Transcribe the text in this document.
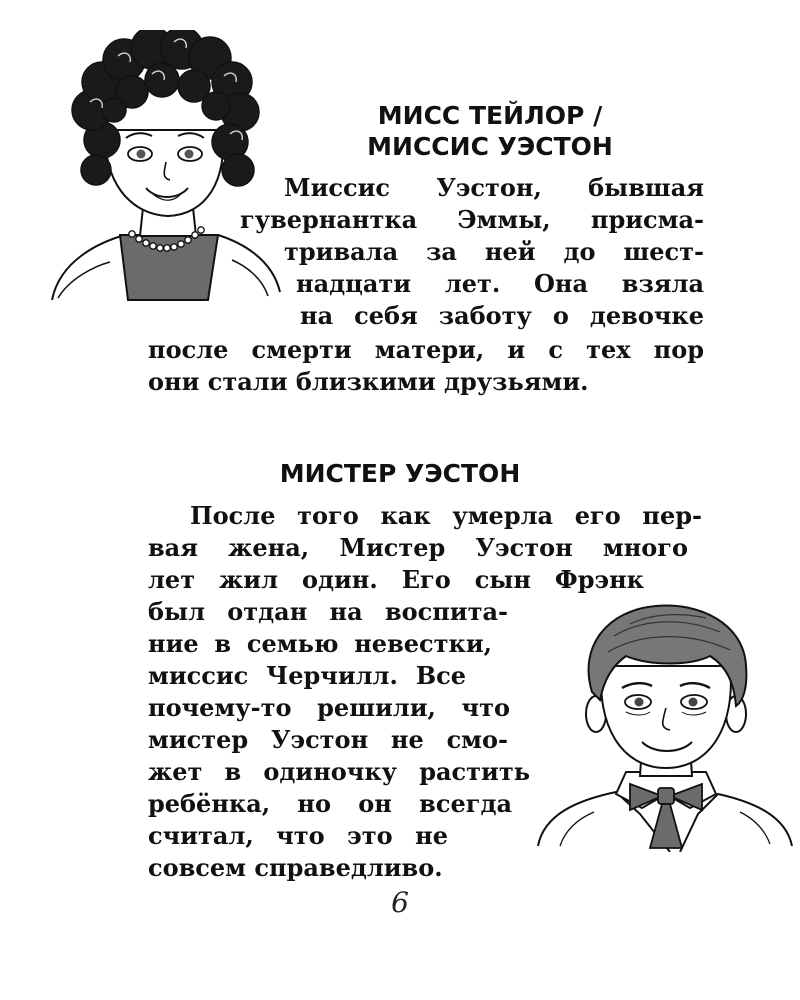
МИСС ТЕЙЛОР /
МИССИС УЭСТОН

Миссис Уэстон, бывшая

гувернантка Эммы, присма-

тривала за ней до шест-

надцати лет. Она взяла

на себя заботу о девочке

после смерти матери, и с тех пор

они стали близкими друзьями.

МИСТЕР УЭСТОН

После того как умерла его пер-

вая жена, Мистер Уэстон много

лет жил один. Его сын Фрэнк

был отдан на воспита-

ние в семью невестки,

миссис Черчилл. Все

почему-то решили, что

мистер Уэстон не смо-

жет в одиночку растить

ребёнка, но он всегда

считал, что это не

совсем справедливо.

6
